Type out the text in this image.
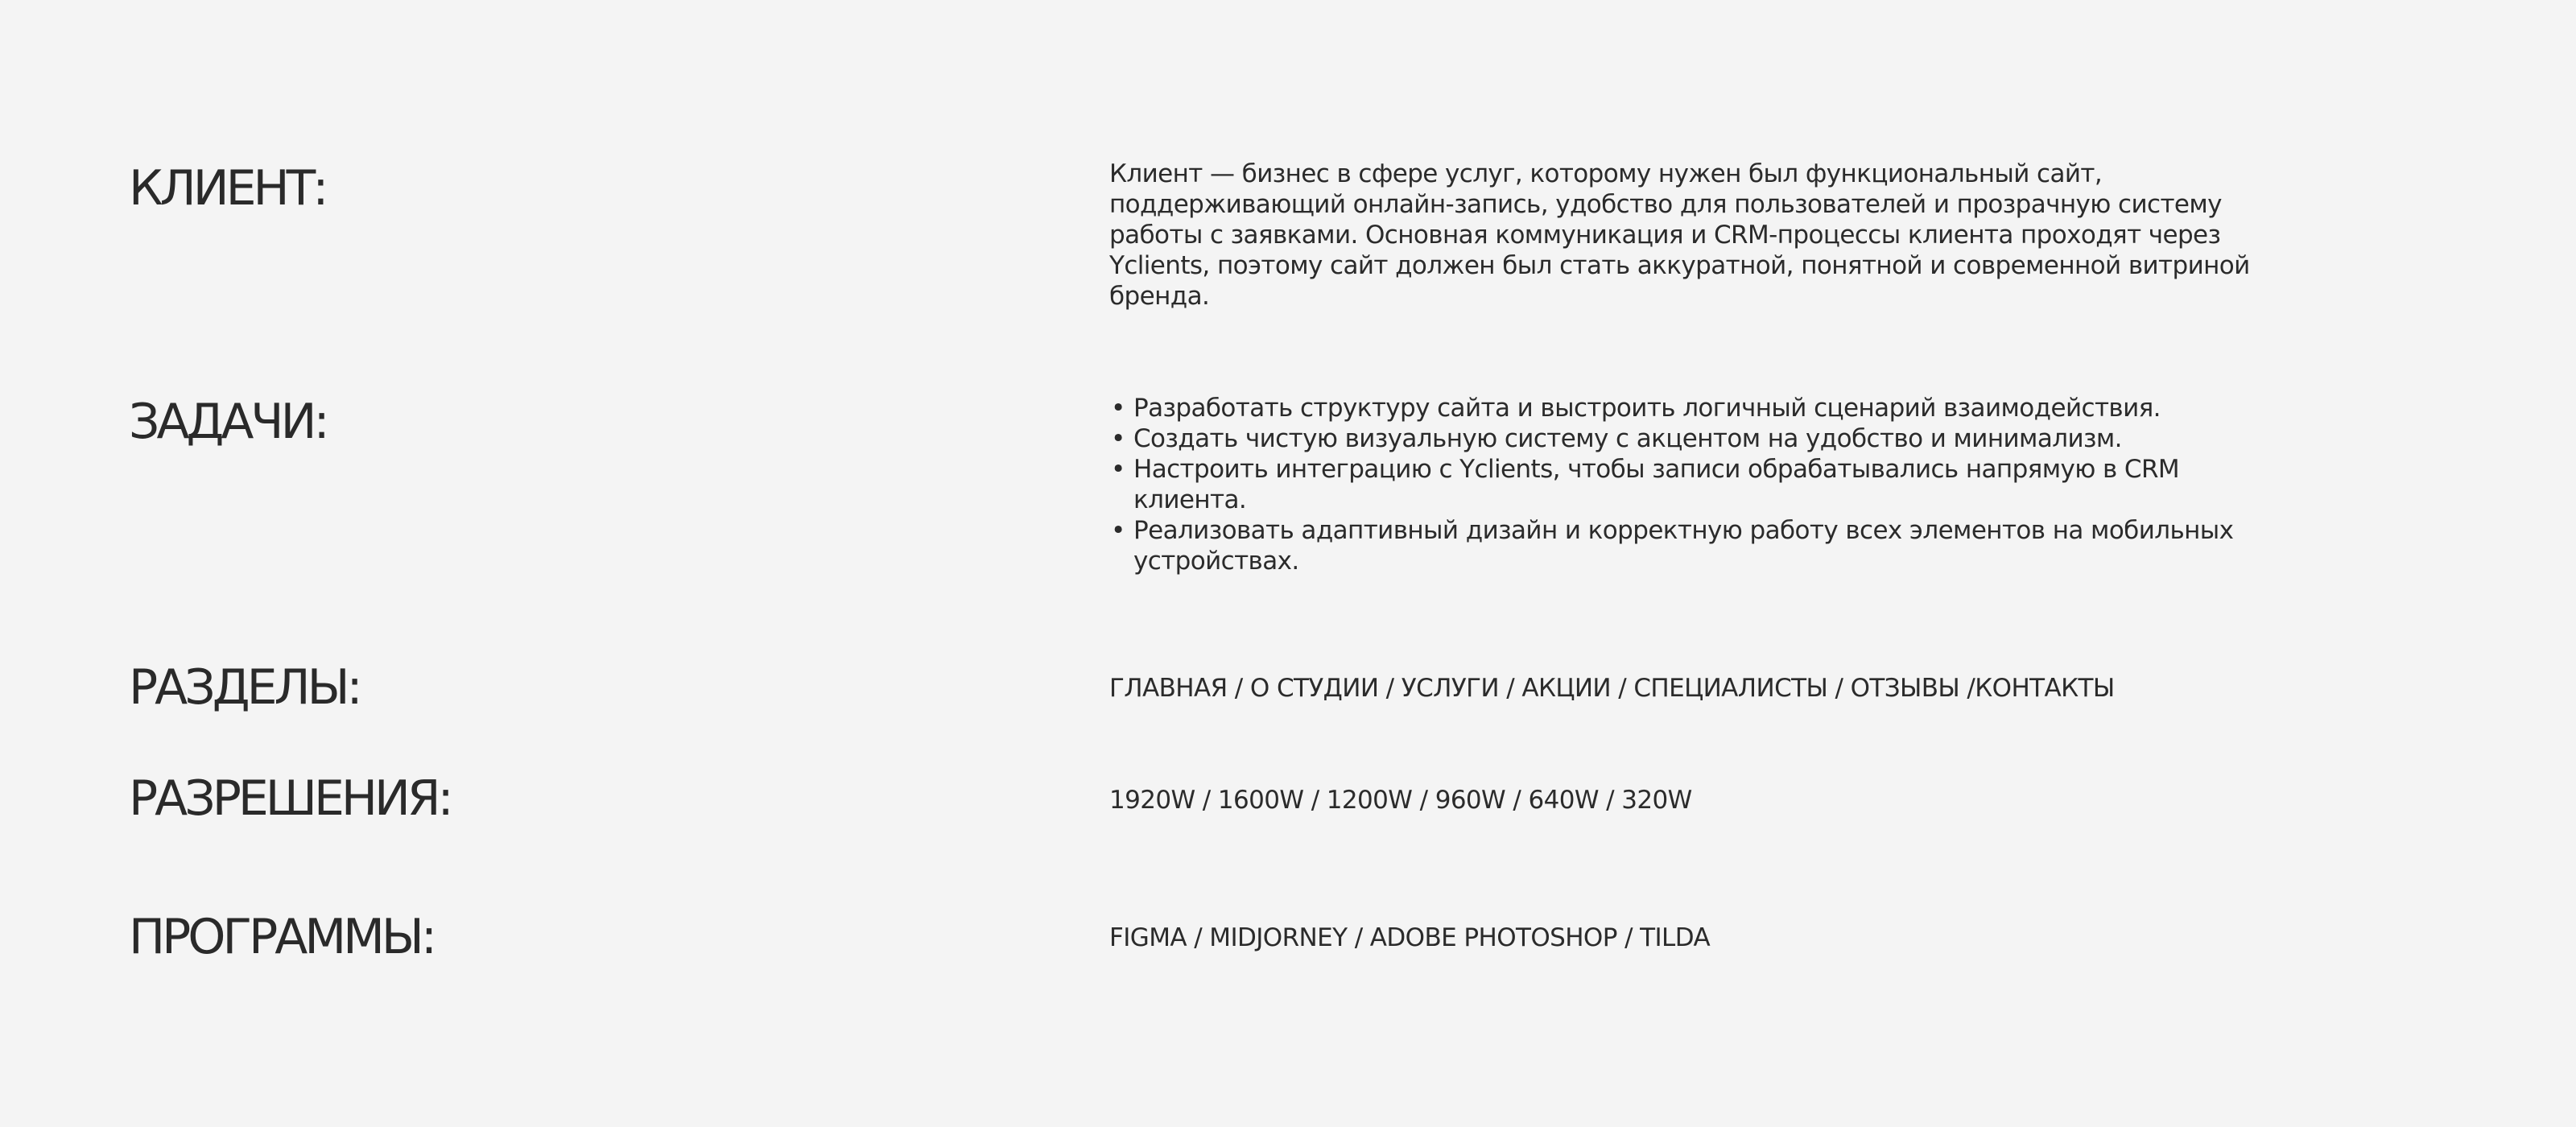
КЛИЕНТ:	Клиент — бизнес в сфере услуг, которому нужен был функциональный сайт, поддерживающий онлайн-запись, удобство для пользователей и прозрачную систему работы с заявками. Основная коммуникация и CRM-процессы клиента проходят через Yclients, поэтому сайт должен был стать аккуратной, понятной и современной витриной бренда.
ЗАДАЧИ:	• Разработать структуру сайта и выстроить логичный сценарий взаимодействия.
• Создать чистую визуальную систему с акцентом на удобство и минимализм.
• Настроить интеграцию с Yclients, чтобы записи обрабатывались напрямую в CRM клиента.
• Реализовать адаптивный дизайн и корректную работу всех элементов на мобильных устройствах.
РАЗДЕЛЫ:	ГЛАВНАЯ / О СТУДИИ / УСЛУГИ / АКЦИИ / СПЕЦИАЛИСТЫ / ОТЗЫВЫ /КОНТАКТЫ
РАЗРЕШЕНИЯ:	1920W / 1600W / 1200W / 960W / 640W / 320W
ПРОГРАММЫ:	FIGMA / MIDJORNEY / ADOBE PHOTOSHOP / TILDA
